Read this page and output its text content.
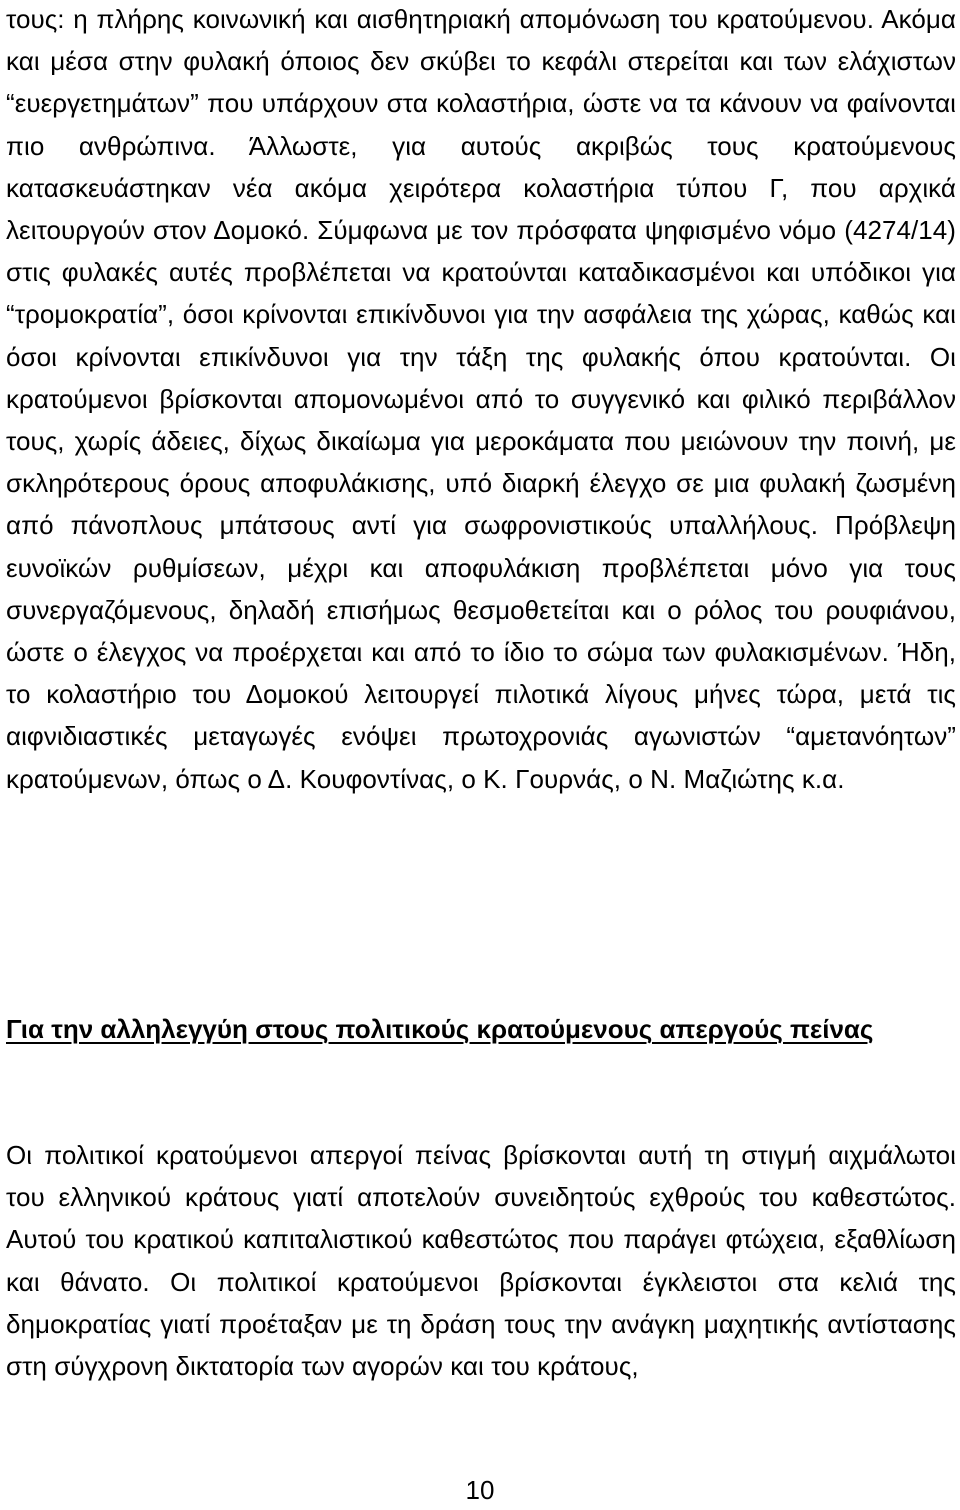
τους: η πλήρης κοινωνική και αισθητηριακή απομόνωση του κρατούμενου. Ακόμα και μέσα στην φυλακή όποιος δεν σκύβει το κεφάλι στερείται και των ελάχιστων “ευεργετημάτων” που υπάρχουν στα κολαστήρια, ώστε να τα κάνουν να φαίνονται πιο ανθρώπινα. Άλλωστε, για αυτούς ακριβώς τους κρατούμενους κατασκευάστηκαν νέα ακόμα χειρότερα κολαστήρια τύπου Γ, που αρχικά λειτουργούν στον Δομοκό. Σύμφωνα με τον πρόσφατα ψηφισμένο νόμο (4274/14) στις φυλακές αυτές προβλέπεται να κρατούνται καταδικασμένοι και υπόδικοι για “τρομοκρατία”, όσοι κρίνονται επικίνδυνοι για την ασφάλεια της χώρας, καθώς και όσοι κρίνονται επικίνδυνοι για την τάξη της φυλακής όπου κρατούνται. Οι κρατούμενοι βρίσκονται απομονωμένοι από το συγγενικό και φιλικό περιβάλλον τους, χωρίς άδειες, δίχως δικαίωμα για μεροκάματα που μειώνουν την ποινή, με σκληρότερους όρους αποφυλάκισης, υπό διαρκή έλεγχο σε μια φυλακή ζωσμένη από πάνοπλους μπάτσους αντί για σωφρονιστικούς υπαλλήλους. Πρόβλεψη ευνοϊκών ρυθμίσεων, μέχρι και αποφυλάκιση προβλέπεται μόνο για τους συνεργαζόμενους, δηλαδή επισήμως θεσμοθετείται και ο ρόλος του ρουφιάνου, ώστε ο έλεγχος να προέρχεται και από το ίδιο το σώμα των φυλακισμένων. Ήδη, το κολαστήριο του Δομοκού λειτουργεί πιλοτικά λίγους μήνες τώρα, μετά τις αιφνιδιαστικές μεταγωγές ενόψει πρωτοχρονιάς αγωνιστών “αμετανόητων” κρατούμενων, όπως ο Δ. Κουφοντίνας, ο Κ. Γουρνάς, ο Ν. Μαζιώτης κ.α.

Για την αλληλεγγύη στους πολιτικούς κρατούμενους απεργούς πείνας

Οι πολιτικοί κρατούμενοι απεργοί πείνας βρίσκονται αυτή τη στιγμή αιχμάλωτοι του ελληνικού κράτους γιατί αποτελούν συνειδητούς εχθρούς του καθεστώτος. Αυτού του κρατικού καπιταλιστικού καθεστώτος που παράγει φτώχεια, εξαθλίωση και θάνατο. Οι πολιτικοί κρατούμενοι βρίσκονται έγκλειστοι στα κελιά της δημοκρατίας γιατί προέταξαν με τη δράση τους την ανάγκη μαχητικής αντίστασης στη σύγχρονη δικτατορία των αγορών και του κράτους,

10
